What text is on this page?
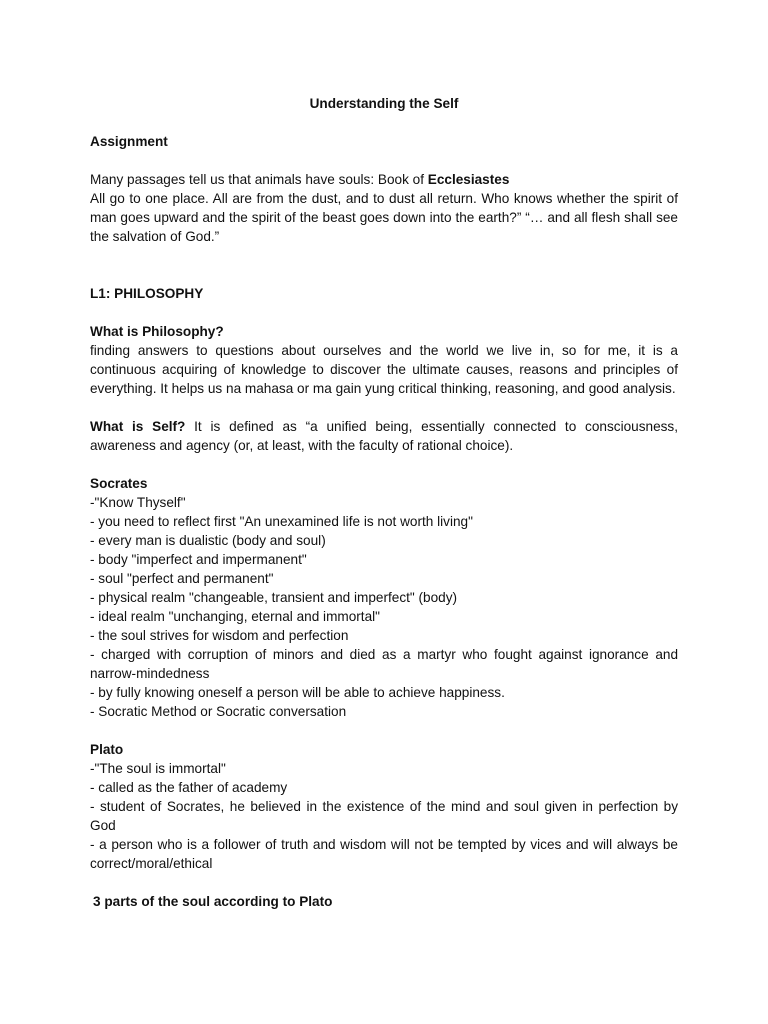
Understanding the Self

Assignment

Many passages tell us that animals have souls: Book of Ecclesiastes

All go to one place. All are from the dust, and to dust all return. Who knows whether the spirit of man goes upward and the spirit of the beast goes down into the earth?” “… and all flesh shall see the salvation of God.”

L1: PHILOSOPHY

What is Philosophy?

finding answers to questions about ourselves and the world we live in, so for me, it is a continuous acquiring of knowledge to discover the ultimate causes, reasons and principles of everything. It helps us na mahasa or ma gain yung critical thinking, reasoning, and good analysis.

What is Self? It is defined as “a unified being, essentially connected to consciousness, awareness and agency (or, at least, with the faculty of rational choice).

Socrates

-"Know Thyself"

- you need to reflect first "An unexamined life is not worth living"

- every man is dualistic (body and soul)

- body "imperfect and impermanent"

- soul "perfect and permanent"

- physical realm "changeable, transient and imperfect" (body)

- ideal realm "unchanging, eternal and immortal"

- the soul strives for wisdom and perfection

- charged with corruption of minors and died as a martyr who fought against ignorance and narrow-mindedness

- by fully knowing oneself a person will be able to achieve happiness.

- Socratic Method or Socratic conversation

Plato

-"The soul is immortal"

- called as the father of academy

- student of Socrates, he believed in the existence of the mind and soul given in perfection by God

- a person who is a follower of truth and wisdom will not be tempted by vices and will always be correct/moral/ethical

3 parts of the soul according to Plato
